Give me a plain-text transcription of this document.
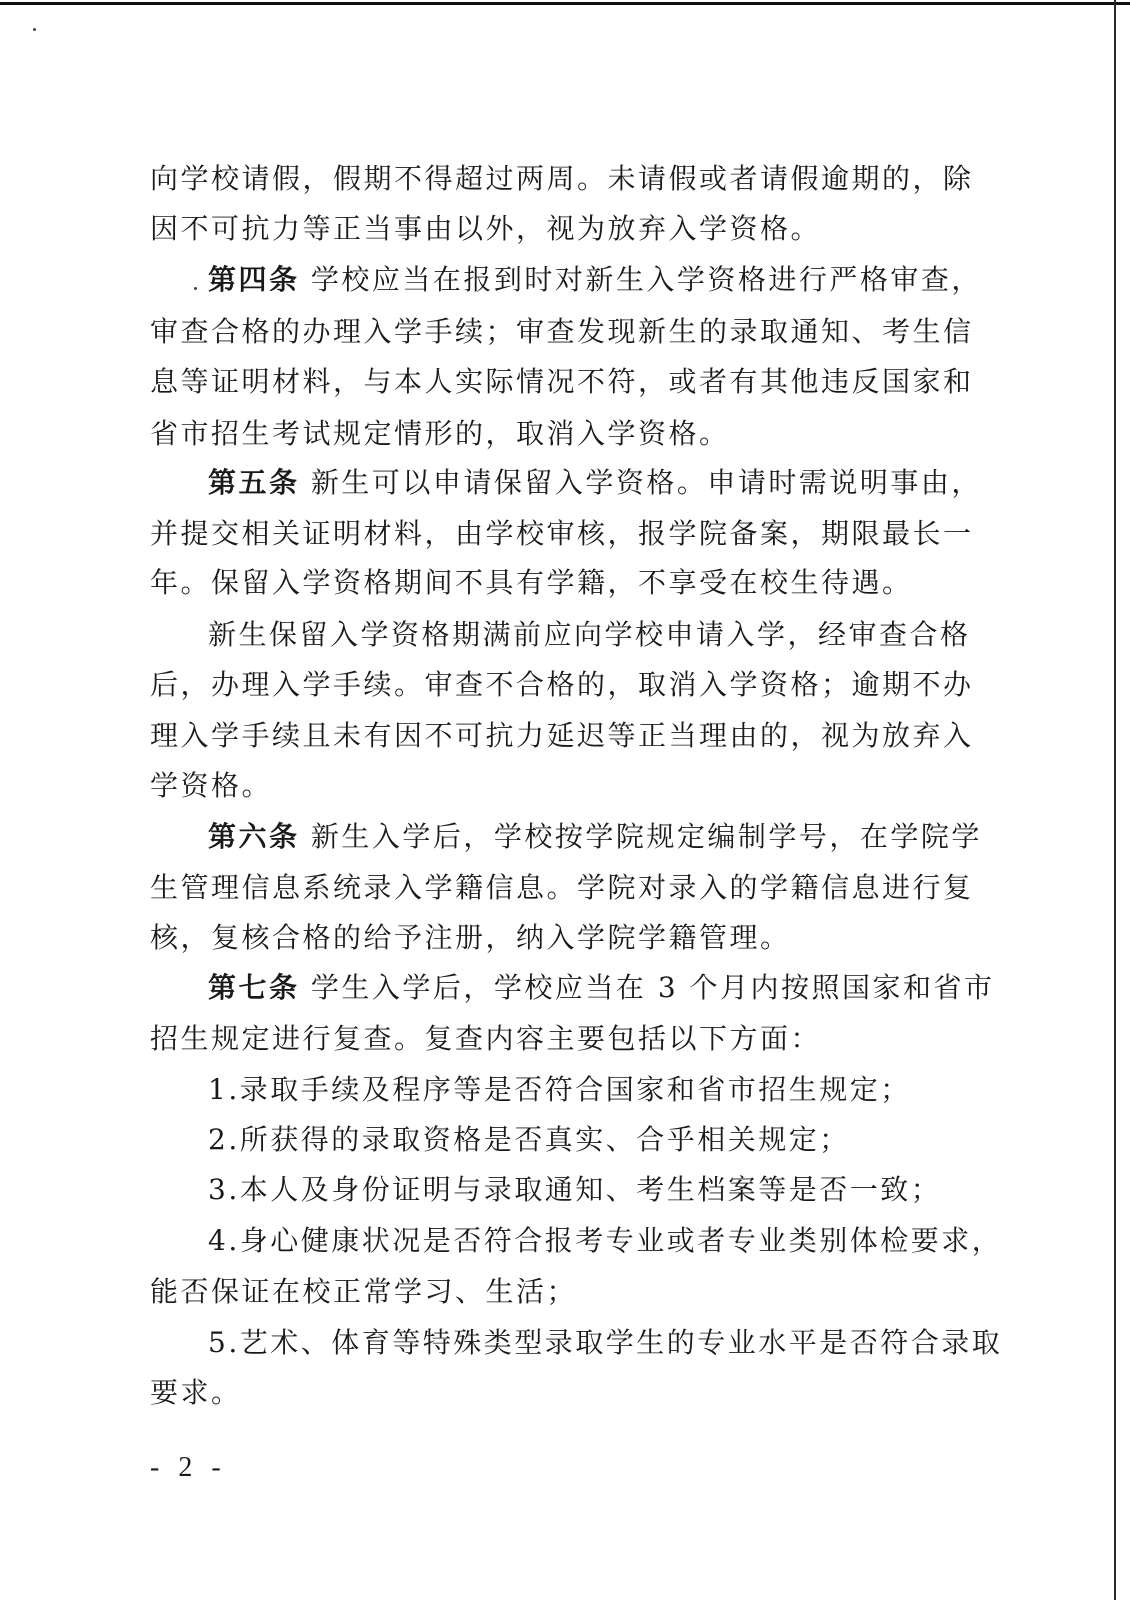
向学校请假，假期不得超过两周。未请假或者请假逾期的，除
因不可抗力等正当事由以外，视为放弃入学资格。
第四条 学校应当在报到时对新生入学资格进行严格审查，
审查合格的办理入学手续；审查发现新生的录取通知、考生信
息等证明材料，与本人实际情况不符，或者有其他违反国家和
省市招生考试规定情形的，取消入学资格。
第五条 新生可以申请保留入学资格。申请时需说明事由，
并提交相关证明材料，由学校审核，报学院备案，期限最长一
年。保留入学资格期间不具有学籍，不享受在校生待遇。
新生保留入学资格期满前应向学校申请入学，经审查合格
后，办理入学手续。审查不合格的，取消入学资格；逾期不办
理入学手续且未有因不可抗力延迟等正当理由的，视为放弃入
学资格。
第六条 新生入学后，学校按学院规定编制学号，在学院学
生管理信息系统录入学籍信息。学院对录入的学籍信息进行复
核，复核合格的给予注册，纳入学院学籍管理。
第七条 学生入学后，学校应当在 3 个月内按照国家和省市
招生规定进行复查。复查内容主要包括以下方面：
1.录取手续及程序等是否符合国家和省市招生规定；
2.所获得的录取资格是否真实、合乎相关规定；
3.本人及身份证明与录取通知、考生档案等是否一致；
4.身心健康状况是否符合报考专业或者专业类别体检要求，
能否保证在校正常学习、生活；
5.艺术、体育等特殊类型录取学生的专业水平是否符合录取
要求。
- 2 -
